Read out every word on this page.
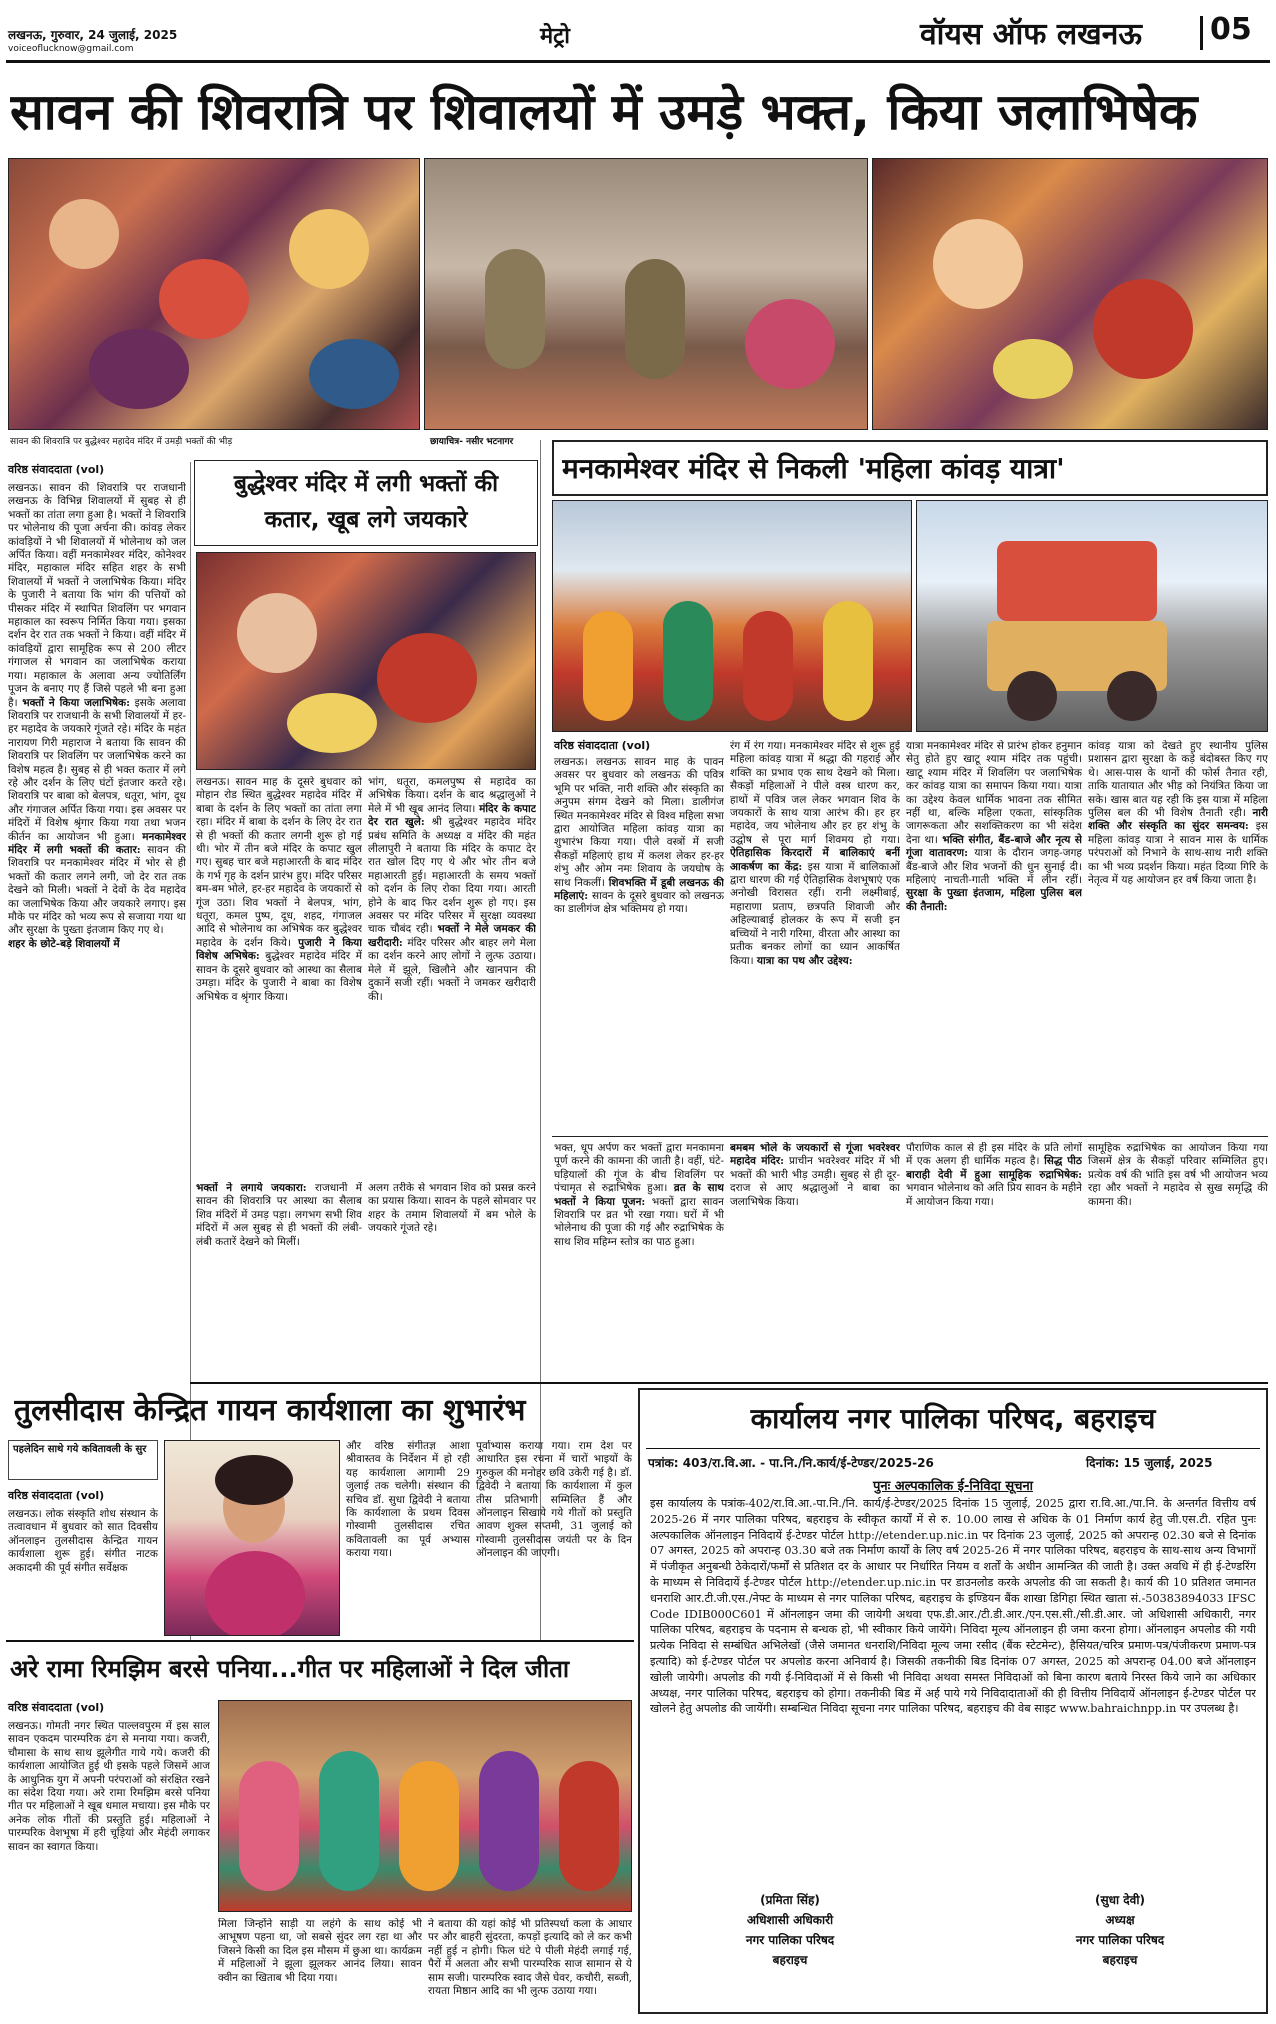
लखनऊ, गुरुवार, 24 जुलाई, 2025
voiceoflucknow@gmail.com	मेट्रो	वॉयस ऑफ लखनऊ 05
सावन की शिवरात्रि पर शिवालयों में उमड़े भक्त, किया जलाभिषेक
सावन की शिवरात्रि पर बुद्धेश्वर महादेव मंदिर में उमड़ी भक्तों की भीड़	छायाचित्र- नसीर भटनागर
वरिष्ठ संवाददाता (vol)
लखनऊ। सावन की शिवरात्रि पर राजधानी लखनऊ के विभिन्न शिवालयों में सुबह से ही भक्तों का तांता लगा हुआ है। भक्तों ने शिवरात्रि पर भोलेनाथ की पूजा अर्चना की। कांवड़ लेकर कांवड़ियों ने भी शिवालयों में भोलेनाथ को जल अर्पित किया। वहीं मनकामेश्वर मंदिर, कोनेश्वर मंदिर, महाकाल मंदिर सहित शहर के सभी शिवालयों में भक्तों ने जलाभिषेक किया। मंदिर के पुजारी ने बताया कि भांग की पत्तियों को पीसकर मंदिर में स्थापित शिवलिंग पर भगवान महाकाल का स्वरूप निर्मित किया गया। इसका दर्शन देर रात तक भक्तों ने किया। वहीं मंदिर में कांवड़ियों द्वारा सामूहिक रूप से 200 लीटर गंगाजल से भगवान का जलाभिषेक कराया गया। महाकाल के अलावा अन्य ज्योतिर्लिंग पूजन के बनाए गए हैं जिसे पहले भी बना हुआ है। भक्तों ने किया जलाभिषेक: इसके अलावा शिवरात्रि पर राजधानी के सभी शिवालयों में हर-हर महादेव के जयकारे गूंजते रहे। मंदिर के महंत नारायण गिरी महाराज ने बताया कि सावन की शिवरात्रि पर शिवलिंग पर जलाभिषेक करने का विशेष महत्व है। सुबह से ही भक्त कतार में लगे रहे और दर्शन के लिए घंटों इंतजार करते रहे। शिवरात्रि पर बाबा को बेलपत्र, धतूरा, भांग, दूध और गंगाजल अर्पित किया गया। इस अवसर पर मंदिरों में विशेष श्रृंगार किया गया तथा भजन कीर्तन का आयोजन भी हुआ। मनकामेश्वर मंदिर में लगी भक्तों की कतार: सावन की शिवरात्रि पर मनकामेश्वर मंदिर में भोर से ही भक्तों की कतार लगने लगी, जो देर रात तक देखने को मिली। भक्तों ने देवों के देव महादेव का जलाभिषेक किया और जयकारे लगाए। इस मौके पर मंदिर को भव्य रूप से सजाया गया था और सुरक्षा के पुख्ता इंतजाम किए गए थे।
शहर के छोटे-बड़े शिवालयों में
बुद्धेश्वर मंदिर में लगी भक्तों की
कतार, खूब लगे जयकारे
लखनऊ। सावन माह के दूसरे बुधवार को मोहान रोड स्थित बुद्धेश्वर महादेव मंदिर में बाबा के दर्शन के लिए भक्तों का तांता लगा रहा। मंदिर में बाबा के दर्शन के लिए देर रात से ही भक्तों की कतार लगनी शुरू हो गई थी। भोर में तीन बजे मंदिर के कपाट खुल गए। सुबह चार बजे महाआरती के बाद मंदिर के गर्भ गृह के दर्शन प्रारंभ हुए। मंदिर परिसर बम-बम भोले, हर-हर महादेव के जयकारों से गूंज उठा। शिव भक्तों ने बेलपत्र, भांग, धतूरा, कमल पुष्प, दूध, शहद, गंगाजल आदि से भोलेनाथ का अभिषेक कर बुद्धेश्वर महादेव के दर्शन किये। पुजारी ने किया विशेष अभिषेक: बुद्धेश्वर महादेव मंदिर में सावन के दूसरे बुधवार को आस्था का सैलाब उमड़ा। मंदिर के पुजारी ने बाबा का विशेष अभिषेक व श्रृंगार किया।
भांग, धतूरा, कमलपुष्प से महादेव का अभिषेक किया। दर्शन के बाद श्रद्धालुओं ने मेले में भी खूब आनंद लिया। मंदिर के कपाट देर रात खुले: श्री बुद्धेश्वर महादेव मंदिर प्रबंध समिति के अध्यक्ष व मंदिर की महंत लीलापुरी ने बताया कि मंदिर के कपाट देर रात खोल दिए गए थे और भोर तीन बजे महाआरती हुई। महाआरती के समय भक्तों को दर्शन के लिए रोका दिया गया। आरती होने के बाद फिर दर्शन शुरू हो गए। इस अवसर पर मंदिर परिसर में सुरक्षा व्यवस्था चाक चौबंद रही। भक्तों ने मेले जमकर की खरीदारी: मंदिर परिसर और बाहर लगे मेला का दर्शन करने आए लोगों ने लुत्फ उठाया। मेले में झूले, खिलौने और खानपान की दुकानें सजी रहीं। भक्तों ने जमकर खरीदारी की।
भक्तों ने लगाये जयकारा: राजधानी में सावन की शिवरात्रि पर आस्था का सैलाब शिव मंदिरों में उमड़ पड़ा। लगभग सभी शिव मंदिरों में अल सुबह से ही भक्तों की लंबी-लंबी कतारें देखने को मिलीं।
अलग तरीके से भगवान शिव को प्रसन्न करने का प्रयास किया। सावन के पहले सोमवार पर शहर के तमाम शिवालयों में बम भोले के जयकारे गूंजते रहे।
मनकामेश्वर मंदिर से निकली 'महिला कांवड़ यात्रा'
वरिष्ठ संवाददाता (vol)
लखनऊ। लखनऊ सावन माह के पावन अवसर पर बुधवार को लखनऊ की पवित्र भूमि पर भक्ति, नारी शक्ति और संस्कृति का अनुपम संगम देखने को मिला। डालीगंज स्थित मनकामेश्वर मंदिर से विश्व महिला सभा द्वारा आयोजित महिला कांवड़ यात्रा का शुभारंभ किया गया। पीले वस्त्रों में सजी सैकड़ों महिलाएं हाथ में कलश लेकर हर-हर शंभु और ओम नमः शिवाय के जयघोष के साथ निकलीं। शिवभक्ति में डूबी लखनऊ की महिलाएं: सावन के दूसरे बुधवार को लखनऊ का डालीगंज क्षेत्र भक्तिमय हो गया।
रंग में रंग गया। मनकामेश्वर मंदिर से शुरू हुई महिला कांवड़ यात्रा में श्रद्धा की गहराई और शक्ति का प्रभाव एक साथ देखने को मिला। सैकड़ों महिलाओं ने पीले वस्त्र धारण कर, हाथों में पवित्र जल लेकर भगवान शिव के जयकारों के साथ यात्रा आरंभ की। हर हर महादेव, जय भोलेनाथ और हर हर शंभु के उद्घोष से पूरा मार्ग शिवमय हो गया। ऐतिहासिक किरदारों में बालिकाएं बनीं आकर्षण का केंद्र: इस यात्रा में बालिकाओं द्वारा धारण की गई ऐतिहासिक वेशभूषाएं एक अनोखी विरासत रहीं। रानी लक्ष्मीबाई, महाराणा प्रताप, छत्रपति शिवाजी और अहिल्याबाई होलकर के रूप में सजी इन बच्चियों ने नारी गरिमा, वीरता और आस्था का प्रतीक बनकर लोगों का ध्यान आकर्षित किया। यात्रा का पथ और उद्देश्य:
यात्रा मनकामेश्वर मंदिर से प्रारंभ होकर हनुमान सेतु होते हुए खाटू श्याम मंदिर तक पहुंची। खाटू श्याम मंदिर में शिवलिंग पर जलाभिषेक कर कांवड़ यात्रा का समापन किया गया। यात्रा का उद्देश्य केवल धार्मिक भावना तक सीमित नहीं था, बल्कि महिला एकता, सांस्कृतिक जागरूकता और सशक्तिकरण का भी संदेश देना था। भक्ति संगीत, बैंड-बाजे और नृत्य से गूंजा वातावरण: यात्रा के दौरान जगह-जगह बैंड-बाजे और शिव भजनों की धुन सुनाई दी। महिलाएं नाचती-गाती भक्ति में लीन रहीं। सुरक्षा के पुख्ता इंतजाम, महिला पुलिस बल की तैनाती:
कांवड़ यात्रा को देखते हुए स्थानीय पुलिस प्रशासन द्वारा सुरक्षा के कड़े बंदोबस्त किए गए थे। आस-पास के थानों की फोर्स तैनात रही, ताकि यातायात और भीड़ को नियंत्रित किया जा सके। खास बात यह रही कि इस यात्रा में महिला पुलिस बल की भी विशेष तैनाती रही। नारी शक्ति और संस्कृति का सुंदर समन्वय: इस महिला कांवड़ यात्रा ने सावन मास के धार्मिक परंपराओं को निभाने के साथ-साथ नारी शक्ति का भी भव्य प्रदर्शन किया। महंत दिव्या गिरि के नेतृत्व में यह आयोजन हर वर्ष किया जाता है।
भक्त, धूप अर्पण कर भक्तों द्वारा मनकामना पूर्ण करने की कामना की जाती है। वहीं, घंटे-घड़ियालों की गूंज के बीच शिवलिंग पर पंचामृत से रुद्राभिषेक हुआ। व्रत के साथ भक्तों ने किया पूजन: भक्तों द्वारा सावन शिवरात्रि पर व्रत भी रखा गया। घरों में भी भोलेनाथ की पूजा की गई और रुद्राभिषेक के साथ शिव महिम्न स्तोत्र का पाठ हुआ।
बमबम भोले के जयकारों से गूंजा भवरेश्वर महादेव मंदिर: प्राचीन भवरेश्वर मंदिर में भी भक्तों की भारी भीड़ उमड़ी। सुबह से ही दूर-दराज से आए श्रद्धालुओं ने बाबा का जलाभिषेक किया।
पौराणिक काल से ही इस मंदिर के प्रति लोगों में एक अलग ही धार्मिक महत्व है। सिद्ध पीठ बाराही देवी में हुआ सामूहिक रुद्राभिषेक: भगवान भोलेनाथ को अति प्रिय सावन के महीने में आयोजन किया गया।
सामूहिक रुद्राभिषेक का आयोजन किया गया जिसमें क्षेत्र के सैकड़ों परिवार सम्मिलित हुए। प्रत्येक वर्ष की भांति इस वर्ष भी आयोजन भव्य रहा और भक्तों ने महादेव से सुख समृद्धि की कामना की।
तुलसीदास केन्द्रित गायन कार्यशाला का शुभारंभ
पहलेदिन साथे गये कवितावली के सुर
वरिष्ठ संवाददाता (vol)
लखनऊ। लोक संस्कृति शोध संस्थान के तत्वावधान में बुधवार को सात दिवसीय ऑनलाइन तुलसीदास केन्द्रित गायन कार्यशाला शुरू हुई। संगीत नाटक अकादमी की पूर्व संगीत सर्वेक्षक
और वरिष्ठ संगीतज्ञ आशा श्रीवास्तव के निर्देशन में हो रही यह कार्यशाला आगामी 29 जुलाई तक चलेगी। संस्थान की सचिव डॉ. सुधा द्विवेदी ने बताया कि कार्यशाला के प्रथम दिवस गोस्वामी तुलसीदास रचित कवितावली का पूर्व अभ्यास कराया गया।
पूर्वाभ्यास कराया गया। राम देश पर आधारित इस रचना में चारों भाइयों के गुरुकुल की मनोहर छवि उकेरी गई है। डॉ. द्विवेदी ने बताया कि कार्यशाला में कुल तीस प्रतिभागी सम्मिलित हैं और ऑनलाइन सिखाये गये गीतों को प्रस्तुति आवण शुक्ल सप्तमी, 31 जुलाई को गोस्वामी तुलसीदास जयंती पर के दिन ऑनलाइन की जाएगी।
अरे रामा रिमझिम बरसे पनिया...गीत पर महिलाओं ने दिल जीता
वरिष्ठ संवाददाता (vol)
लखनऊ। गोमती नगर स्थित पाल्लवपुरम में इस साल सावन एकदम पारम्परिक ढंग से मनाया गया। कजरी, चौमासा के साथ साथ झूलेगीत गाये गये। कजरी की कार्यशाला आयोजित हुई थी इसके पहले जिसमें आज के आधुनिक युग में अपनी परंपराओं को संरक्षित रखने का संदेश दिया गया। अरे रामा रिमझिम बरसे पनिया गीत पर महिलाओं ने खूब धमाल मचाया। इस मौके पर अनेक लोक गीतों की प्रस्तुति हुई। महिलाओं ने पारम्परिक वेशभूषा में हरी चूड़ियां और मेहंदी लगाकर सावन का स्वागत किया।
मिला जिन्होंने साड़ी या लहंगे के साथ कोई भी आभूषण पहना था, जो सबसे सुंदर लग रहा था और जिसने किसी का दिल इस मौसम में छुआ था। कार्यक्रम में महिलाओं ने झूला झूलकर आनंद लिया। सावन क्वीन का खिताब भी दिया गया।
ने बताया की यहां कोई भी प्रतिस्पर्धा कला के आधार पर और बाहरी सुंदरता, कपड़ों इत्यादि को ले कर कभी नहीं हुई न होगी। फिल घंटे पे पीली मेहंदी लगाई गई, पैरों में अलता और सभी पारम्परिक साज सामान से ये साम सजी। पारम्परिक स्वाद जैसे घेवर, कचौरी, सब्जी, रायता मिष्ठान आदि का भी लुत्फ उठाया गया।
कार्यालय नगर पालिका परिषद, बहराइच
पत्रांक: 403/रा.वि.आ. - पा.नि./नि.कार्य/ई-टेण्डर/2025-26	दिनांक: 15 जुलाई, 2025
पुनः अल्पकालिक ई-निविदा सूचना
इस कार्यालय के पत्रांक-402/रा.वि.आ.-पा.नि./नि. कार्य/ई-टेण्डर/2025 दिनांक 15 जुलाई, 2025 द्वारा रा.वि.आ./पा.नि. के अन्तर्गत वित्तीय वर्ष 2025-26 में नगर पालिका परिषद, बहराइच के स्वीकृत कार्यों में से रु. 10.00 लाख से अधिक के 01 निर्माण कार्य हेतु जी.एस.टी. रहित पुनः अल्पकालिक ऑनलाइन निविदायें ई-टेण्डर पोर्टल http://etender.up.nic.in पर दिनांक 23 जुलाई, 2025 को अपरान्ह 02.30 बजे से दिनांक 07 अगस्त, 2025 को अपरान्ह 03.30 बजे तक निर्माण कार्यों के लिए वर्ष 2025-26 में नगर पालिका परिषद, बहराइच के साथ-साथ अन्य विभागों में पंजीकृत अनुबन्धी ठेकेदारों/फर्मों से प्रतिशत दर के आधार पर निर्धारित नियम व शर्तों के अधीन आमन्त्रित की जाती है। उक्त अवधि में ही ई-टेण्डरिंग के माध्यम से निविदायें ई-टेण्डर पोर्टल http://etender.up.nic.in पर डाउनलोड करके अपलोड की जा सकती है। कार्य की 10 प्रतिशत जमानत धनराशि आर.टी.जी.एस./नेफ्ट के माध्यम से नगर पालिका परिषद, बहराइच के इण्डियन बैंक शाखा डिगिहा स्थित खाता सं.-50383894033 IFSC Code IDIB000C601 में ऑनलाइन जमा की जायेगी अथवा एफ.डी.आर./टी.डी.आर./एन.एस.सी./सी.डी.आर. जो अधिशासी अधिकारी, नगर पालिका परिषद, बहराइच के पदनाम से बन्धक हो, भी स्वीकार किये जायेंगे। निविदा मूल्य ऑनलाइन ही जमा करना होगा। ऑनलाइन अपलोड की गयी प्रत्येक निविदा से सम्बंधित अभिलेखों (जैसे जमानत धनराशि/निविदा मूल्य जमा रसीद (बैंक स्टेटमेन्ट), हैसियत/चरित्र प्रमाण-पत्र/पंजीकरण प्रमाण-पत्र इत्यादि) को ई-टेण्डर पोर्टल पर अपलोड करना अनिवार्य है। जिसकी तकनीकी बिड दिनांक 07 अगस्त, 2025 को अपरान्ह 04.00 बजे ऑनलाइन खोली जायेगी। अपलोड की गयी ई-निविदाओं में से किसी भी निविदा अथवा समस्त निविदाओं को बिना कारण बताये निरस्त किये जाने का अधिकार अध्यक्ष, नगर पालिका परिषद, बहराइच को होगा। तकनीकी बिड में अर्ह पाये गये निविदादाताओं की ही वित्तीय निविदायें ऑनलाइन ई-टेण्डर पोर्टल पर खोलने हेतु अपलोड की जायेंगी। सम्बन्धित निविदा सूचना नगर पालिका परिषद, बहराइच की वेब साइट www.bahraichnpp.in पर उपलब्ध है।
(प्रमिता सिंह)
अधिशासी अधिकारी
नगर पालिका परिषद
बहराइच
(सुधा देवी)
अध्यक्ष
नगर पालिका परिषद
बहराइच
